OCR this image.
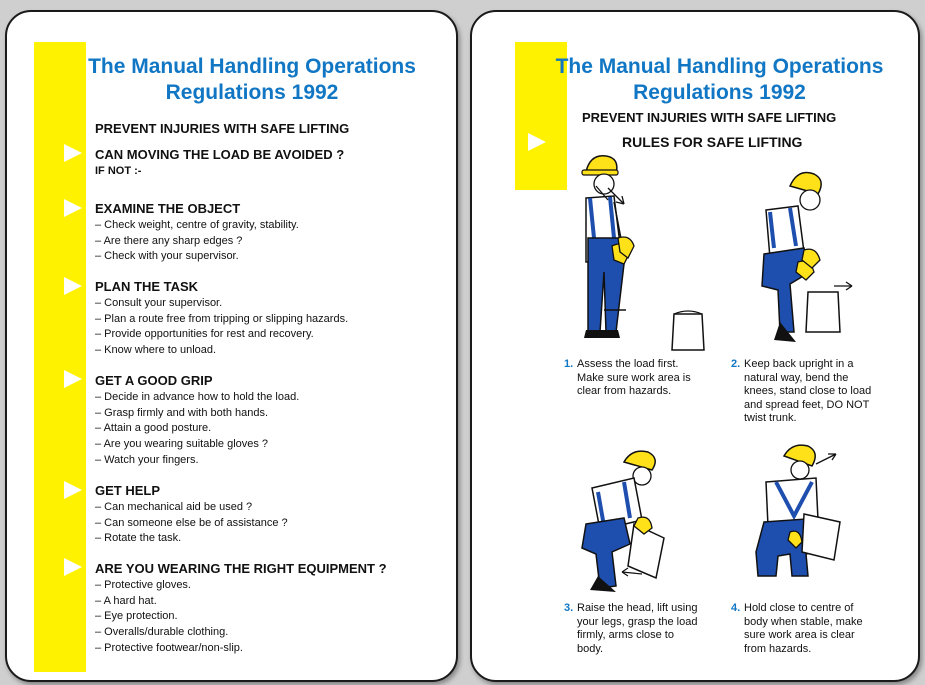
The Manual Handling Operations Regulations 1992

PREVENT INJURIES WITH SAFE LIFTING

CAN MOVING THE LOAD BE AVOIDED ?

IF NOT :-

EXAMINE THE OBJECT

– Check weight, centre of gravity, stability.
– Are there any sharp edges ?
– Check with your supervisor.

PLAN THE TASK

– Consult your supervisor.
– Plan a route free from tripping or slipping hazards.
– Provide opportunities for rest and recovery.
– Know where to unload.

GET A GOOD GRIP

– Decide in advance how to hold the load.
– Grasp firmly and with both hands.
– Attain a good posture.
– Are you wearing suitable gloves ?
– Watch your fingers.

GET HELP

– Can mechanical aid be used ?
– Can someone else be of assistance ?
– Rotate the task.

ARE YOU WEARING THE RIGHT EQUIPMENT ?

– Protective gloves.
– A hard hat.
– Eye protection.
– Overalls/durable clothing.
– Protective footwear/non-slip.
The Manual Handling Operations Regulations 1992

PREVENT INJURIES WITH SAFE LIFTING

RULES FOR SAFE LIFTING

1. Assess the load first.
Make sure work area is
clear from hazards.

2. Keep back upright in a
natural way, bend the
knees, stand close to load
and spread feet, DO NOT
twist trunk.

3. Raise the head, lift using
your legs, grasp the load
firmly, arms close to
body.

4. Hold close to centre of
body when stable, make
sure work area is clear
from hazards.
